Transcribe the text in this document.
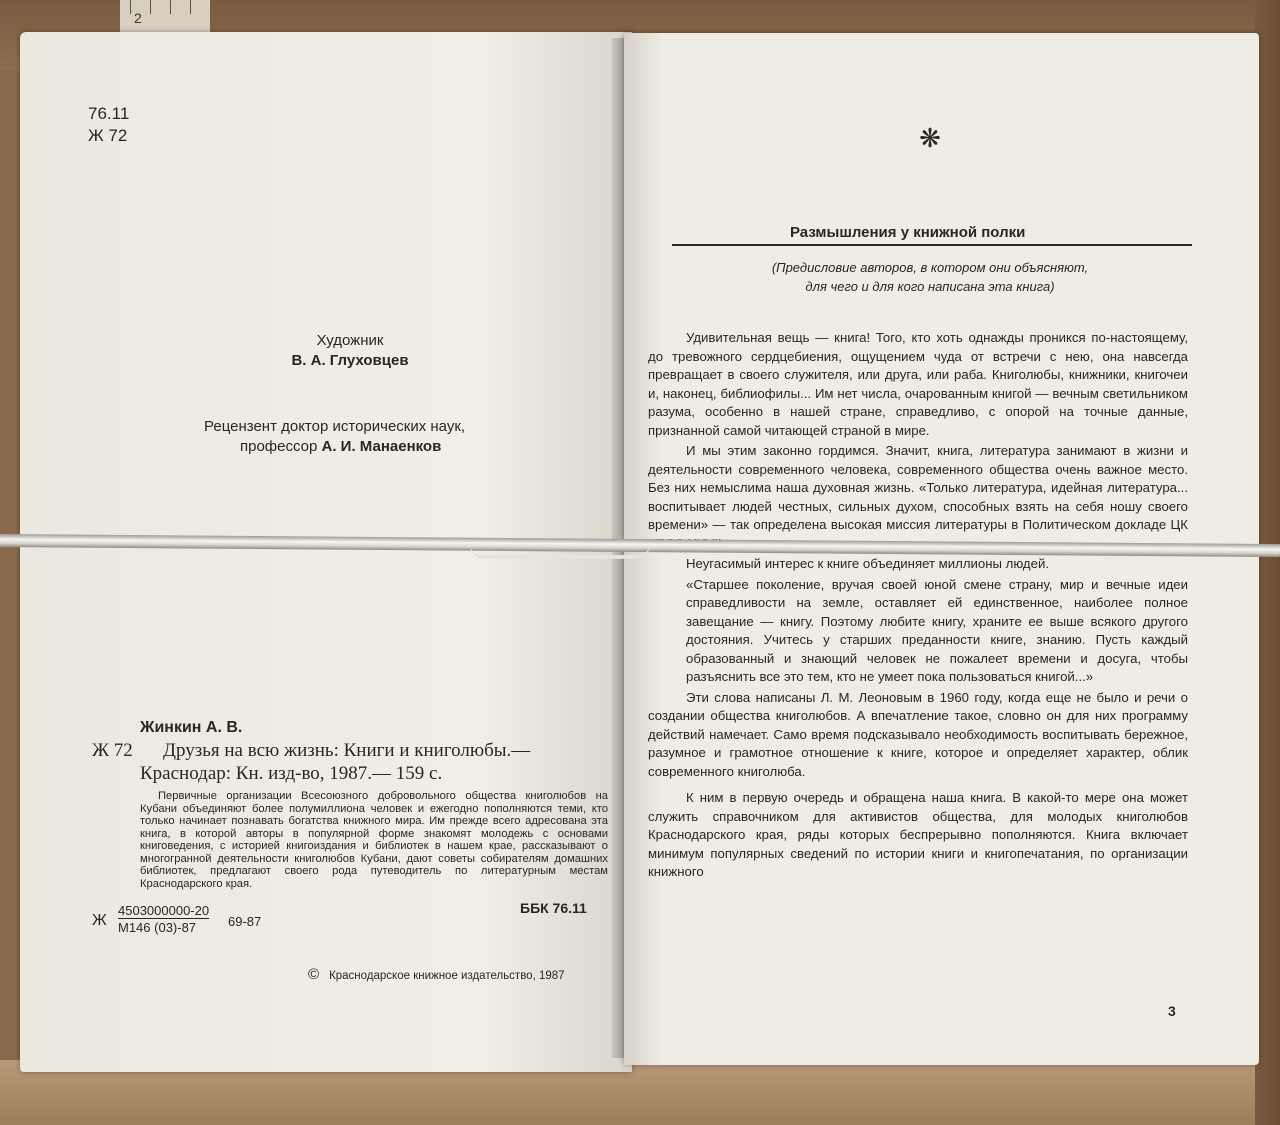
2
76.11
Ж 72
Художник
В. А. Глуховцев
Рецензент доктор исторических наук,
профессор А. И. Манаенков
Жинкин А. В.
Ж 72 Друзья на всю жизнь: Книги и книголюбы.—
Краснодар: Кн. изд-во, 1987.— 159 с.
Первичные организации Всесоюзного добровольного общества книголюбов на Кубани объединяют более полумиллиона человек и ежегодно пополняются теми, кто только начинает познавать богатства книжного мира. Им прежде всего адресована эта книга, в которой авторы в популярной форме знакомят молодежь с основами книговедения, с историей книгоиздания и библиотек в нашем крае, рассказывают о многогранной деятельности книголюбов Кубани, дают советы собирателям домашних библиотек, предлагают своего рода путеводитель по литературным местам Краснодарского края.
Ж
4503000000-20
М146 (03)-87 69-87
ББК 76.11
© Краснодарское книжное издательство, 1987
❋
Размышления у книжной полки
(Предисловие авторов, в котором они объясняют,
для чего и для кого написана эта книга)

Удивительная вещь — книга! Того, кто хоть однажды проникся по-настоящему, до тревожного сердцебиения, ощущением чуда от встречи с нею, она навсегда превращает в своего служителя, или друга, или раба. Книголюбы, книжники, книгочеи и, наконец, библиофилы... Им нет числа, очарованным книгой — вечным светильником разума, особенно в нашей стране, справедливо, с опорой на точные данные, признанной самой читающей страной в мире.

И мы этим законно гордимся. Значит, книга, литература занимают в жизни и деятельности современного человека, современного общества очень важное место. Без них немыслима наша духовная жизнь. «Только литература, идейная литература... воспитывает людей честных, сильных духом, способных взять на себя ношу своего времени» — так определена высокая миссия литературы в Политическом докладе ЦК

Неугасимый интерес к книге объединяет миллионы людей.

«Старшее поколение, вручая своей юной смене страну, мир и вечные идеи справедливости на земле, оставляет ей единственное, наиболее полное завещание — книгу. Поэтому любите книгу, храните ее выше всякого другого достояния. Учитесь у старших преданности книге, знанию. Пусть каждый образованный и знающий человек не пожалеет времени и досуга, чтобы разъяснить все это тем, кто не умеет пока пользоваться книгой...»

Эти слова написаны Л. М. Леоновым в 1960 году, когда еще не было и речи о создании общества книголюбов. А впечатление такое, словно он для них программу действий намечает. Само время подсказывало необходимость воспитывать бережное, разумное и грамотное отношение к книге, которое и определяет характер, облик современного книголюба.

К ним в первую очередь и обращена наша книга. В какой-то мере она может служить справочником для активистов общества, для молодых книголюбов Краснодарского края, ряды которых беспрерывно пополняются. Книга включает минимум популярных сведений по истории книги и книгопечатания, по организации книжного

3
